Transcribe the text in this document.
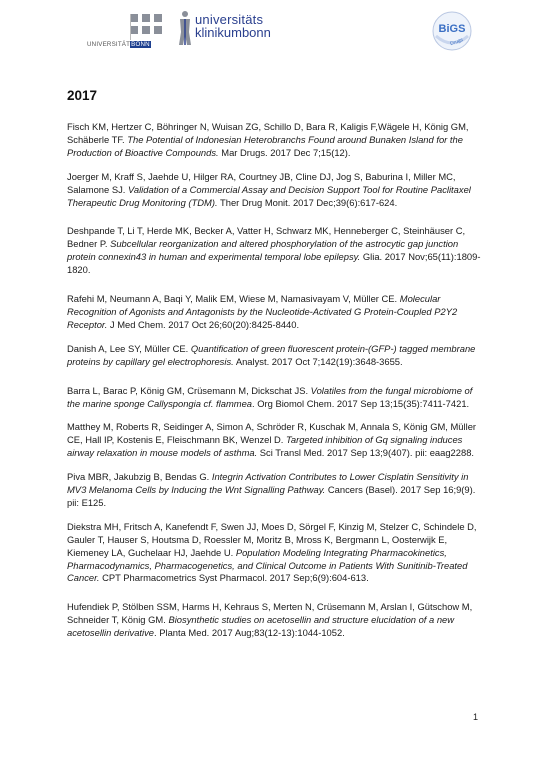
UNIVERSITÄTBONN
universitäts
klinikumbonn	BiGS
Drugs
2017

Fisch KM, Hertzer C, Böhringer N, Wuisan ZG, Schillo D, Bara R, Kaligis F,Wägele H, König GM, Schäberle TF. The Potential of Indonesian Heterobranchs Found around Bunaken Island for the Production of Bioactive Compounds. Mar Drugs. 2017 Dec 7;15(12).

Joerger M, Kraff S, Jaehde U, Hilger RA, Courtney JB, Cline DJ, Jog S, Baburina I, Miller MC, Salamone SJ. Validation of a Commercial Assay and Decision Support Tool for Routine Paclitaxel Therapeutic Drug Monitoring (TDM). Ther Drug Monit. 2017 Dec;39(6):617-624.

Deshpande T, Li T, Herde MK, Becker A, Vatter H, Schwarz MK, Henneberger C, Steinhäuser C, Bedner P. Subcellular reorganization and altered phosphorylation of the astrocytic gap junction protein connexin43 in human and experimental temporal lobe epilepsy. Glia. 2017 Nov;65(11):1809-1820.

Rafehi M, Neumann A, Baqi Y, Malik EM, Wiese M, Namasivayam V, Müller CE. Molecular Recognition of Agonists and Antagonists by the Nucleotide-Activated G Protein-Coupled P2Y2 Receptor. J Med Chem. 2017 Oct 26;60(20):8425-8440.

Danish A, Lee SY, Müller CE. Quantification of green fluorescent protein-(GFP-) tagged membrane proteins by capillary gel electrophoresis. Analyst. 2017 Oct 7;142(19):3648-3655.

Barra L, Barac P, König GM, Crüsemann M, Dickschat JS. Volatiles from the fungal microbiome of the marine sponge Callyspongia cf. flammea. Org Biomol Chem. 2017 Sep 13;15(35):7411-7421.

Matthey M, Roberts R, Seidinger A, Simon A, Schröder R, Kuschak M, Annala S, König GM, Müller CE, Hall IP, Kostenis E, Fleischmann BK, Wenzel D. Targeted inhibition of Gq signaling induces airway relaxation in mouse models of asthma. Sci Transl Med. 2017 Sep 13;9(407). pii: eaag2288.

Piva MBR, Jakubzig B, Bendas G. Integrin Activation Contributes to Lower Cisplatin Sensitivity in MV3 Melanoma Cells by Inducing the Wnt Signalling Pathway. Cancers (Basel). 2017 Sep 16;9(9). pii: E125.

Diekstra MH, Fritsch A, Kanefendt F, Swen JJ, Moes D, Sörgel F, Kinzig M, Stelzer C, Schindele D, Gauler T, Hauser S, Houtsma D, Roessler M, Moritz B, Mross K, Bergmann L, Oosterwijk E, Kiemeney LA, Guchelaar HJ, Jaehde U. Population Modeling Integrating Pharmacokinetics, Pharmacodynamics, Pharmacogenetics, and Clinical Outcome in Patients With Sunitinib-Treated Cancer. CPT Pharmacometrics Syst Pharmacol. 2017 Sep;6(9):604-613.

Hufendiek P, Stölben SSM, Harms H, Kehraus S, Merten N, Crüsemann M, Arslan I, Gütschow M, Schneider T, König GM. Biosynthetic studies on acetosellin and structure elucidation of a new acetosellin derivative. Planta Med. 2017 Aug;83(12-13):1044-1052.

1
